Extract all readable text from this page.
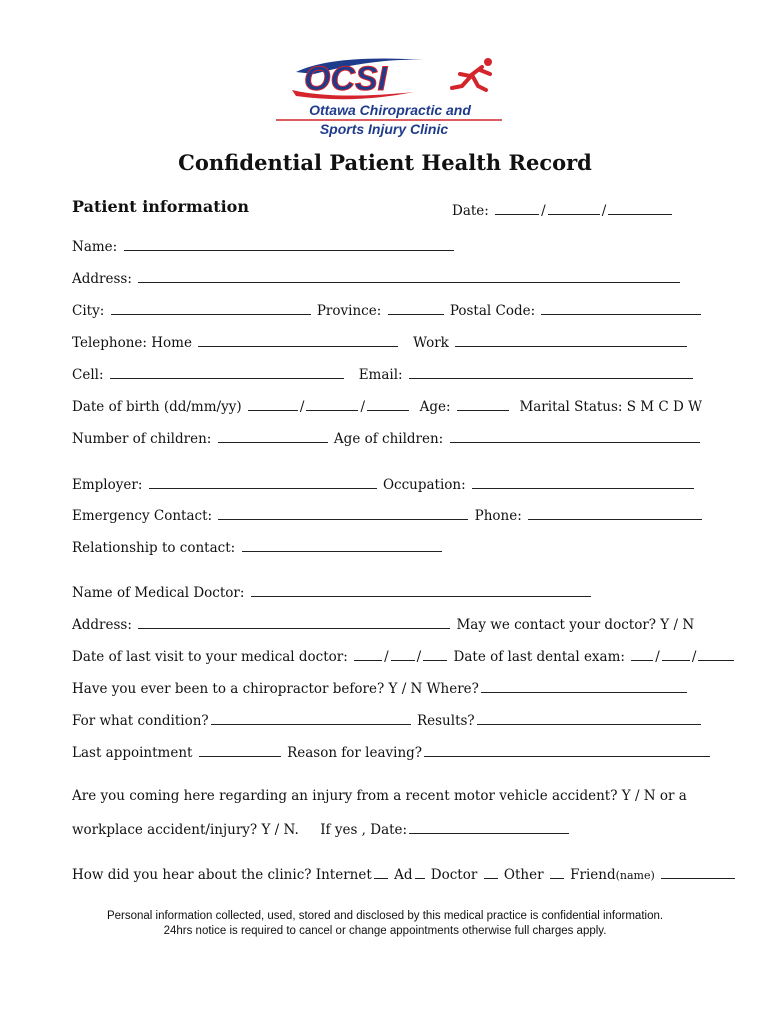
OCSI
Ottawa Chiropractic and
Sports Injury Clinic
Confidential Patient Health Record
Patient information	Date:	/	/
Name:
Address:
City:	Province:	Postal Code:
Telephone: Home	Work
Cell:	Email:
Date of birth (dd/mm/yy)	/	/	Age:	Marital Status: S M C D W
Number of children:	Age of children:
Employer:	Occupation:
Emergency Contact:	Phone:
Relationship to contact:
Name of Medical Doctor:
Address:	May we contact your doctor? Y / N
Date of last visit to your medical doctor:	/ / Date of last dental exam: / /
Have you ever been to a chiropractor before? Y / N Where?
For what condition?	Results?
Last appointment	Reason for leaving?
Are you coming here regarding an injury from a recent motor vehicle accident? Y / N or a
workplace accident/injury? Y / N. If yes , Date:
How did you hear about the clinic? Internet Ad Doctor Other Friend(name)
Personal information collected, used, stored and disclosed by this medical practice is confidential information.
24hrs notice is required to cancel or change appointments otherwise full charges apply.
